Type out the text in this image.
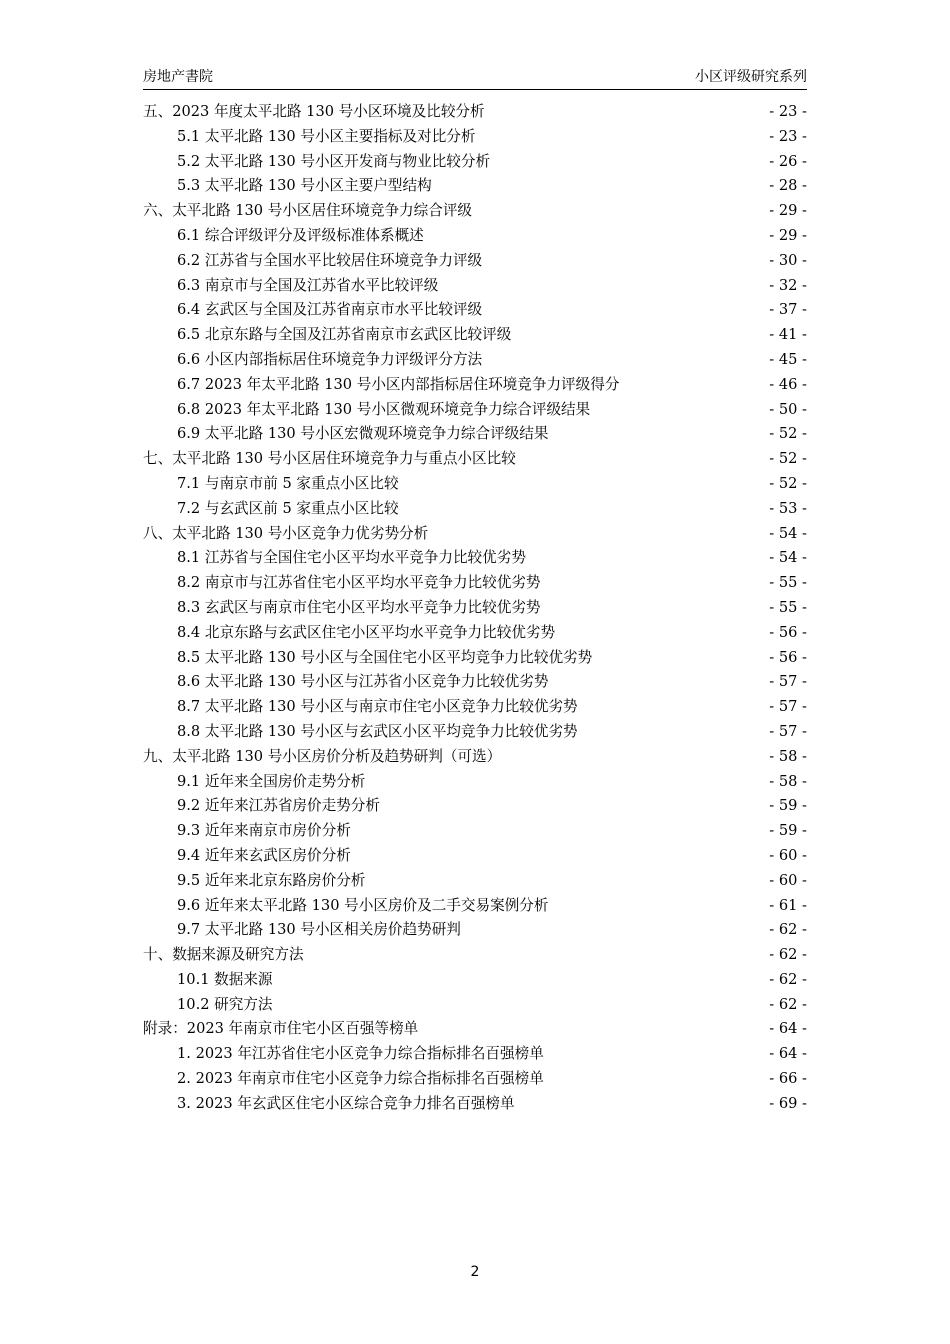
房地产書院	小区评级研究系列
五、2023 年度太平北路 130 号小区环境及比较分析	- 23 -
5.1 太平北路 130 号小区主要指标及对比分析	- 23 -
5.2 太平北路 130 号小区开发商与物业比较分析	- 26 -
5.3 太平北路 130 号小区主要户型结构	- 28 -
六、太平北路 130 号小区居住环境竞争力综合评级	- 29 -
6.1 综合评级评分及评级标准体系概述	- 29 -
6.2 江苏省与全国水平比较居住环境竞争力评级	- 30 -
6.3 南京市与全国及江苏省水平比较评级	- 32 -
6.4 玄武区与全国及江苏省南京市水平比较评级	- 37 -
6.5 北京东路与全国及江苏省南京市玄武区比较评级	- 41 -
6.6 小区内部指标居住环境竞争力评级评分方法	- 45 -
6.7 2023 年太平北路 130 号小区内部指标居住环境竞争力评级得分	- 46 -
6.8 2023 年太平北路 130 号小区微观环境竞争力综合评级结果	- 50 -
6.9 太平北路 130 号小区宏微观环境竞争力综合评级结果	- 52 -
七、太平北路 130 号小区居住环境竞争力与重点小区比较	- 52 -
7.1 与南京市前 5 家重点小区比较	- 52 -
7.2 与玄武区前 5 家重点小区比较	- 53 -
八、太平北路 130 号小区竞争力优劣势分析	- 54 -
8.1 江苏省与全国住宅小区平均水平竞争力比较优劣势	- 54 -
8.2 南京市与江苏省住宅小区平均水平竞争力比较优劣势	- 55 -
8.3 玄武区与南京市住宅小区平均水平竞争力比较优劣势	- 55 -
8.4 北京东路与玄武区住宅小区平均水平竞争力比较优劣势	- 56 -
8.5 太平北路 130 号小区与全国住宅小区平均竞争力比较优劣势	- 56 -
8.6 太平北路 130 号小区与江苏省小区竞争力比较优劣势	- 57 -
8.7 太平北路 130 号小区与南京市住宅小区竞争力比较优劣势	- 57 -
8.8 太平北路 130 号小区与玄武区小区平均竞争力比较优劣势	- 57 -
九、太平北路 130 号小区房价分析及趋势研判（可选）	- 58 -
9.1 近年来全国房价走势分析	- 58 -
9.2 近年来江苏省房价走势分析	- 59 -
9.3 近年来南京市房价分析	- 59 -
9.4 近年来玄武区房价分析	- 60 -
9.5 近年来北京东路房价分析	- 60 -
9.6 近年来太平北路 130 号小区房价及二手交易案例分析	- 61 -
9.7 太平北路 130 号小区相关房价趋势研判	- 62 -
十、数据来源及研究方法	- 62 -
10.1 数据来源	- 62 -
10.2 研究方法	- 62 -
附录：2023 年南京市住宅小区百强等榜单	- 64 -
1. 2023 年江苏省住宅小区竞争力综合指标排名百强榜单	- 64 -
2. 2023 年南京市住宅小区竞争力综合指标排名百强榜单	- 66 -
3. 2023 年玄武区住宅小区综合竞争力排名百强榜单	- 69 -
2
